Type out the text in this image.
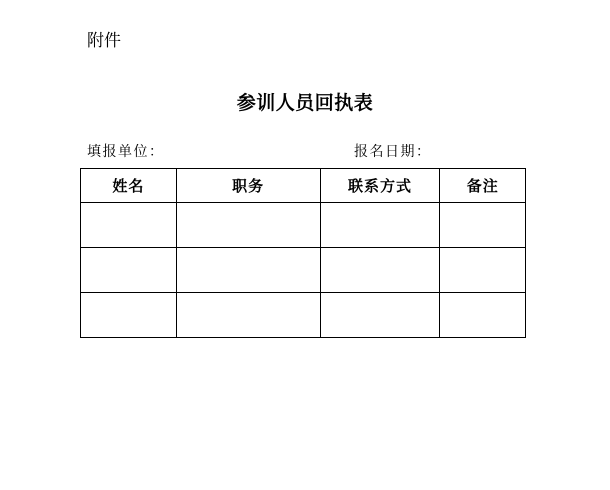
附件
参训人员回执表
填报单位：	报名日期：
姓名	职务	联系方式	备注
